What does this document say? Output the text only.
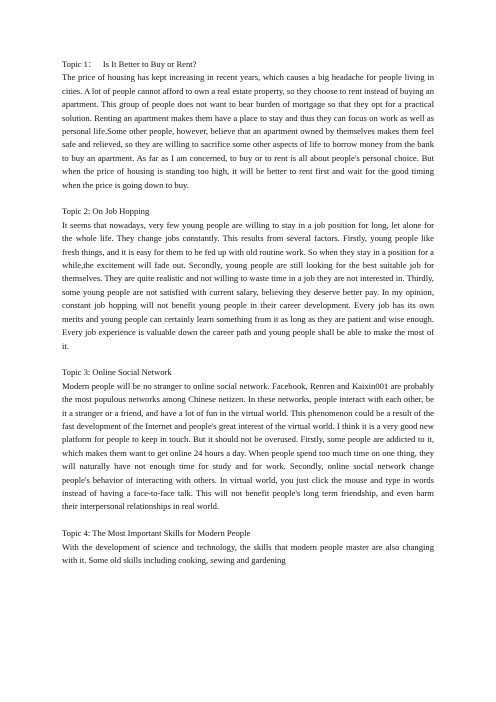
Topic 1：   Is It Better to Buy or Rent?
The price of housing has kept increasing in recent years, which causes a big headache for people living in cities. A lot of people cannot afford to own a real estate property, so they choose to rent instead of buying an apartment. This group of people does not want to bear burden of mortgage so that they opt for a practical solution. Renting an apartment makes them have a place to stay and thus they can focus on work as well as personal life.Some other people, however, believe that an apartment owned by themselves makes them feel safe and relieved, so they are willing to sacrifice some other aspects of life to borrow money from the bank to buy an apartment. As far as I am concerned, to buy or to rent is all about people's personal choice. But when the price of housing is standing too high, it will be better to rent first and wait for the good timing when the price is going down to buy.
Topic 2: On Job Hopping
It seems that nowadays, very few young people are willing to stay in a job position for long, let alone for the whole life. They change jobs constantly. This results from several factors. Firstly, young people like fresh things, and it is easy for them to be fed up with old routine work. So when they stay in a position for a while,the excitement will fade out. Secondly, young people are still looking for the best suitable job for themselves. They are quite realistic and not willing to waste time in a job they are not interested in. Thirdly, some young people are not satisfied with current salary, believing they deserve better pay. In my opinion, constant job hopping will not benefit young people in their career development. Every job has its own merits and young people can certainly learn something from it as long as they are patient and wise enough. Every job experience is valuable down the career path and young people shall be able to make the most of it.
Topic 3: Online Social Network
Modern people will be no stranger to online social network. Facebook, Renren and Kaixin001 are probably the most populous networks among Chinese netizen. In these networks, people interact with each other, be it a stranger or a friend, and have a lot of fun in the virtual world. This phenomenon could be a result of the fast development of the Internet and people's great interest of the virtual world. I think it is a very good new platform for people to keep in touch. But it should not be overused. Firstly, some people are addicted to it, which makes them want to get online 24 hours a day. When people spend too much time on one thing, they will naturally have not enough time for study and for work. Secondly, online social network change people's behavior of interacting with others. In virtual world, you just click the mouse and type in words instead of having a face-to-face talk. This will not benefit people's long term friendship, and even harm their interpersonal relationships in real world.
Topic 4: The Most Important Skills for Modern People
With the development of science and technology, the skills that modern people master are also changing with it. Some old skills including cooking, sewing and gardening
